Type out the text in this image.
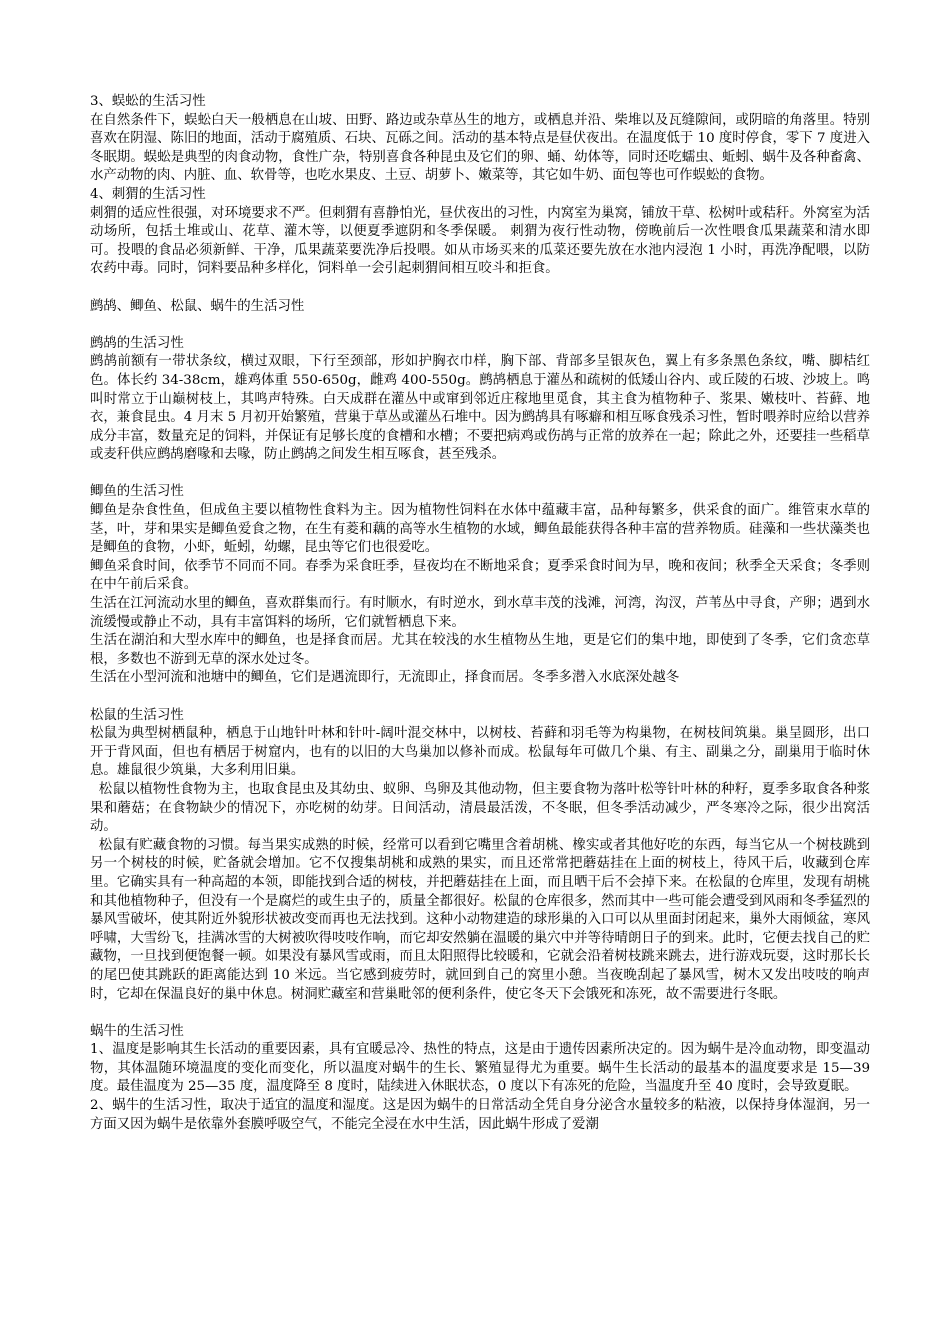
3、蜈蚣的生活习性

在自然条件下，蜈蚣白天一般栖息在山坡、田野、路边或杂草丛生的地方，或栖息并沿、柴堆以及瓦缝隙间，或阴暗的角落里。特别喜欢在阴湿、陈旧的地面，活动于腐殖质、石块、瓦砾之间。活动的基本特点是昼伏夜出。在温度低于 10 度时停食，零下 7 度进入冬眠期。蜈蚣是典型的肉食动物，食性广杂，特别喜食各种昆虫及它们的卵、蛹、幼体等，同时还吃蠕虫、蚯蚓、蜗牛及各种畜禽、水产动物的肉、内脏、血、软骨等，也吃水果皮、土豆、胡萝卜、嫩菜等，其它如牛奶、面包等也可作蜈蚣的食物。

4、刺猬的生活习性

刺猬的适应性很强，对环境要求不严。但刺猬有喜静怕光，昼伏夜出的习性，内窝室为巢窝，铺放干草、松树叶或秸秆。外窝室为活动场所，包括土堆或山、花草、灌木等，以便夏季遮阴和冬季保暖。 刺猬为夜行性动物，傍晚前后一次性喂食瓜果蔬菜和清水即可。投喂的食品必须新鲜、干净，瓜果蔬菜要洗净后投喂。如从市场买来的瓜菜还要先放在水池内浸泡 1 小时，再洗净配喂，以防农药中毒。同时，饲料要品种多样化，饲料单一会引起刺猬间相互咬斗和拒食。

鹧鸪、鲫鱼、松鼠、蜗牛的生活习性

鹧鸪的生活习性

鹧鸪前额有一带状条纹，横过双眼，下行至颈部，形如护胸衣巾样，胸下部、背部多呈银灰色，翼上有多条黑色条纹，嘴、脚桔红色。体长约 34-38cm，雄鸡体重 550-650g，雌鸡 400-550g。鹧鸪栖息于灌丛和疏树的低矮山谷内、或丘陵的石坡、沙坡上。鸣叫时常立于山巅树枝上，其鸣声特殊。白天成群在灌丛中或窜到邻近庄稼地里觅食，其主食为植物种子、浆果、嫩枝叶、苔藓、地衣，兼食昆虫。4 月末 5 月初开始繁殖，营巢于草丛或灌丛石堆中。因为鹧鸪具有啄癖和相互啄食残杀习性，暂时喂养时应给以营养成分丰富，数量充足的饲料，并保证有足够长度的食槽和水槽；不要把病鸡或伤鸪与正常的放养在一起；除此之外，还要挂一些稻草或麦秆供应鹧鸪磨喙和去喙，防止鹧鸪之间发生相互啄食，甚至残杀。

鲫鱼的生活习性

鲫鱼是杂食性鱼，但成鱼主要以植物性食料为主。因为植物性饲料在水体中蕴藏丰富，品种每繁多，供采食的面广。维管束水草的茎，叶，芽和果实是鲫鱼爱食之物，在生有菱和藕的高等水生植物的水域，鲫鱼最能获得各种丰富的营养物质。硅藻和一些状藻类也是鲫鱼的食物，小虾，蚯蚓，幼螺，昆虫等它们也很爱吃。

鲫鱼采食时间，依季节不同而不同。春季为采食旺季，昼夜均在不断地采食；夏季采食时间为早，晚和夜间；秋季全天采食；冬季则在中午前后采食。

生活在江河流动水里的鲫鱼，喜欢群集而行。有时顺水，有时逆水，到水草丰茂的浅滩，河湾，沟汊，芦苇丛中寻食，产卵；遇到水流缓慢或静止不动，具有丰富饵料的场所，它们就暂栖息下来。

生活在湖泊和大型水库中的鲫鱼，也是择食而居。尤其在较浅的水生植物丛生地，更是它们的集中地，即使到了冬季，它们贪恋草根，多数也不游到无草的深水处过冬。

生活在小型河流和池塘中的鲫鱼，它们是遇流即行，无流即止，择食而居。冬季多潜入水底深处越冬

松鼠的生活习性

松鼠为典型树栖鼠种，栖息于山地针叶林和针叶-阔叶混交林中，以树枝、苔藓和羽毛等为构巢物，在树枝间筑巢。巢呈圆形，出口开于背风面，但也有栖居于树窟内，也有的以旧的大鸟巢加以修补而成。松鼠每年可做几个巢、有主、副巢之分，副巢用于临时休息。雄鼠很少筑巢，大多利用旧巢。

松鼠以植物性食物为主，也取食昆虫及其幼虫、蚁卵、鸟卵及其他动物，但主要食物为落叶松等针叶林的种籽，夏季多取食各种浆果和蘑菇；在食物缺少的情况下，亦吃树的幼芽。日间活动，清晨最活泼，不冬眠，但冬季活动减少，严冬寒冷之际，很少出窝活动。

松鼠有贮藏食物的习惯。每当果实成熟的时候，经常可以看到它嘴里含着胡桃、橡实或者其他好吃的东西，每当它从一个树枝跳到另一个树枝的时候，贮备就会增加。它不仅搜集胡桃和成熟的果实，而且还常常把蘑菇挂在上面的树枝上，待风干后，收藏到仓库里。它确实具有一种高超的本领，即能找到合适的树枝，并把蘑菇挂在上面，而且晒干后不会掉下来。在松鼠的仓库里，发现有胡桃和其他植物种子，但没有一个是腐烂的或生虫子的，质量全都很好。松鼠的仓库很多，然而其中一些可能会遭受到风雨和冬季猛烈的暴风雪破坏，使其附近外貌形状被改变而再也无法找到。这种小动物建造的球形巢的入口可以从里面封闭起来，巢外大雨倾盆，寒风呼啸，大雪纷飞，挂满冰雪的大树被吹得吱吱作响，而它却安然躺在温暖的巢穴中并等待晴朗日子的到来。此时，它便去找自己的贮藏物，一旦找到便饱餐一顿。如果没有暴风雪或雨，而且太阳照得比较暖和，它就会沿着树枝跳来跳去，进行游戏玩耍，这时那长长的尾巴使其跳跃的距离能达到 10 米远。当它感到疲劳时，就回到自己的窝里小憩。当夜晚刮起了暴风雪，树木又发出吱吱的响声时，它却在保温良好的巢中休息。树洞贮藏室和营巢毗邻的便利条件，使它冬天下会饿死和冻死，故不需要进行冬眠。

蜗牛的生活习性

1、温度是影响其生长活动的重要因素，具有宜暖忌冷、热性的特点，这是由于遗传因素所决定的。因为蜗牛是冷血动物，即变温动物，其体温随环境温度的变化而变化，所以温度对蜗牛的生长、繁殖显得尤为重要。蜗牛生长活动的最基本的温度要求是 15—39 度。最佳温度为 25—35 度，温度降至 8 度时，陆续进入休眠状态，0 度以下有冻死的危险，当温度升至 40 度时，会导致夏眠。

2、蜗牛的生活习性，取决于适宜的温度和湿度。这是因为蜗牛的日常活动全凭自身分泌含水量较多的粘液，以保持身体湿润，另一方面又因为蜗牛是依靠外套膜呼吸空气，不能完全浸在水中生活，因此蜗牛形成了爱潮
